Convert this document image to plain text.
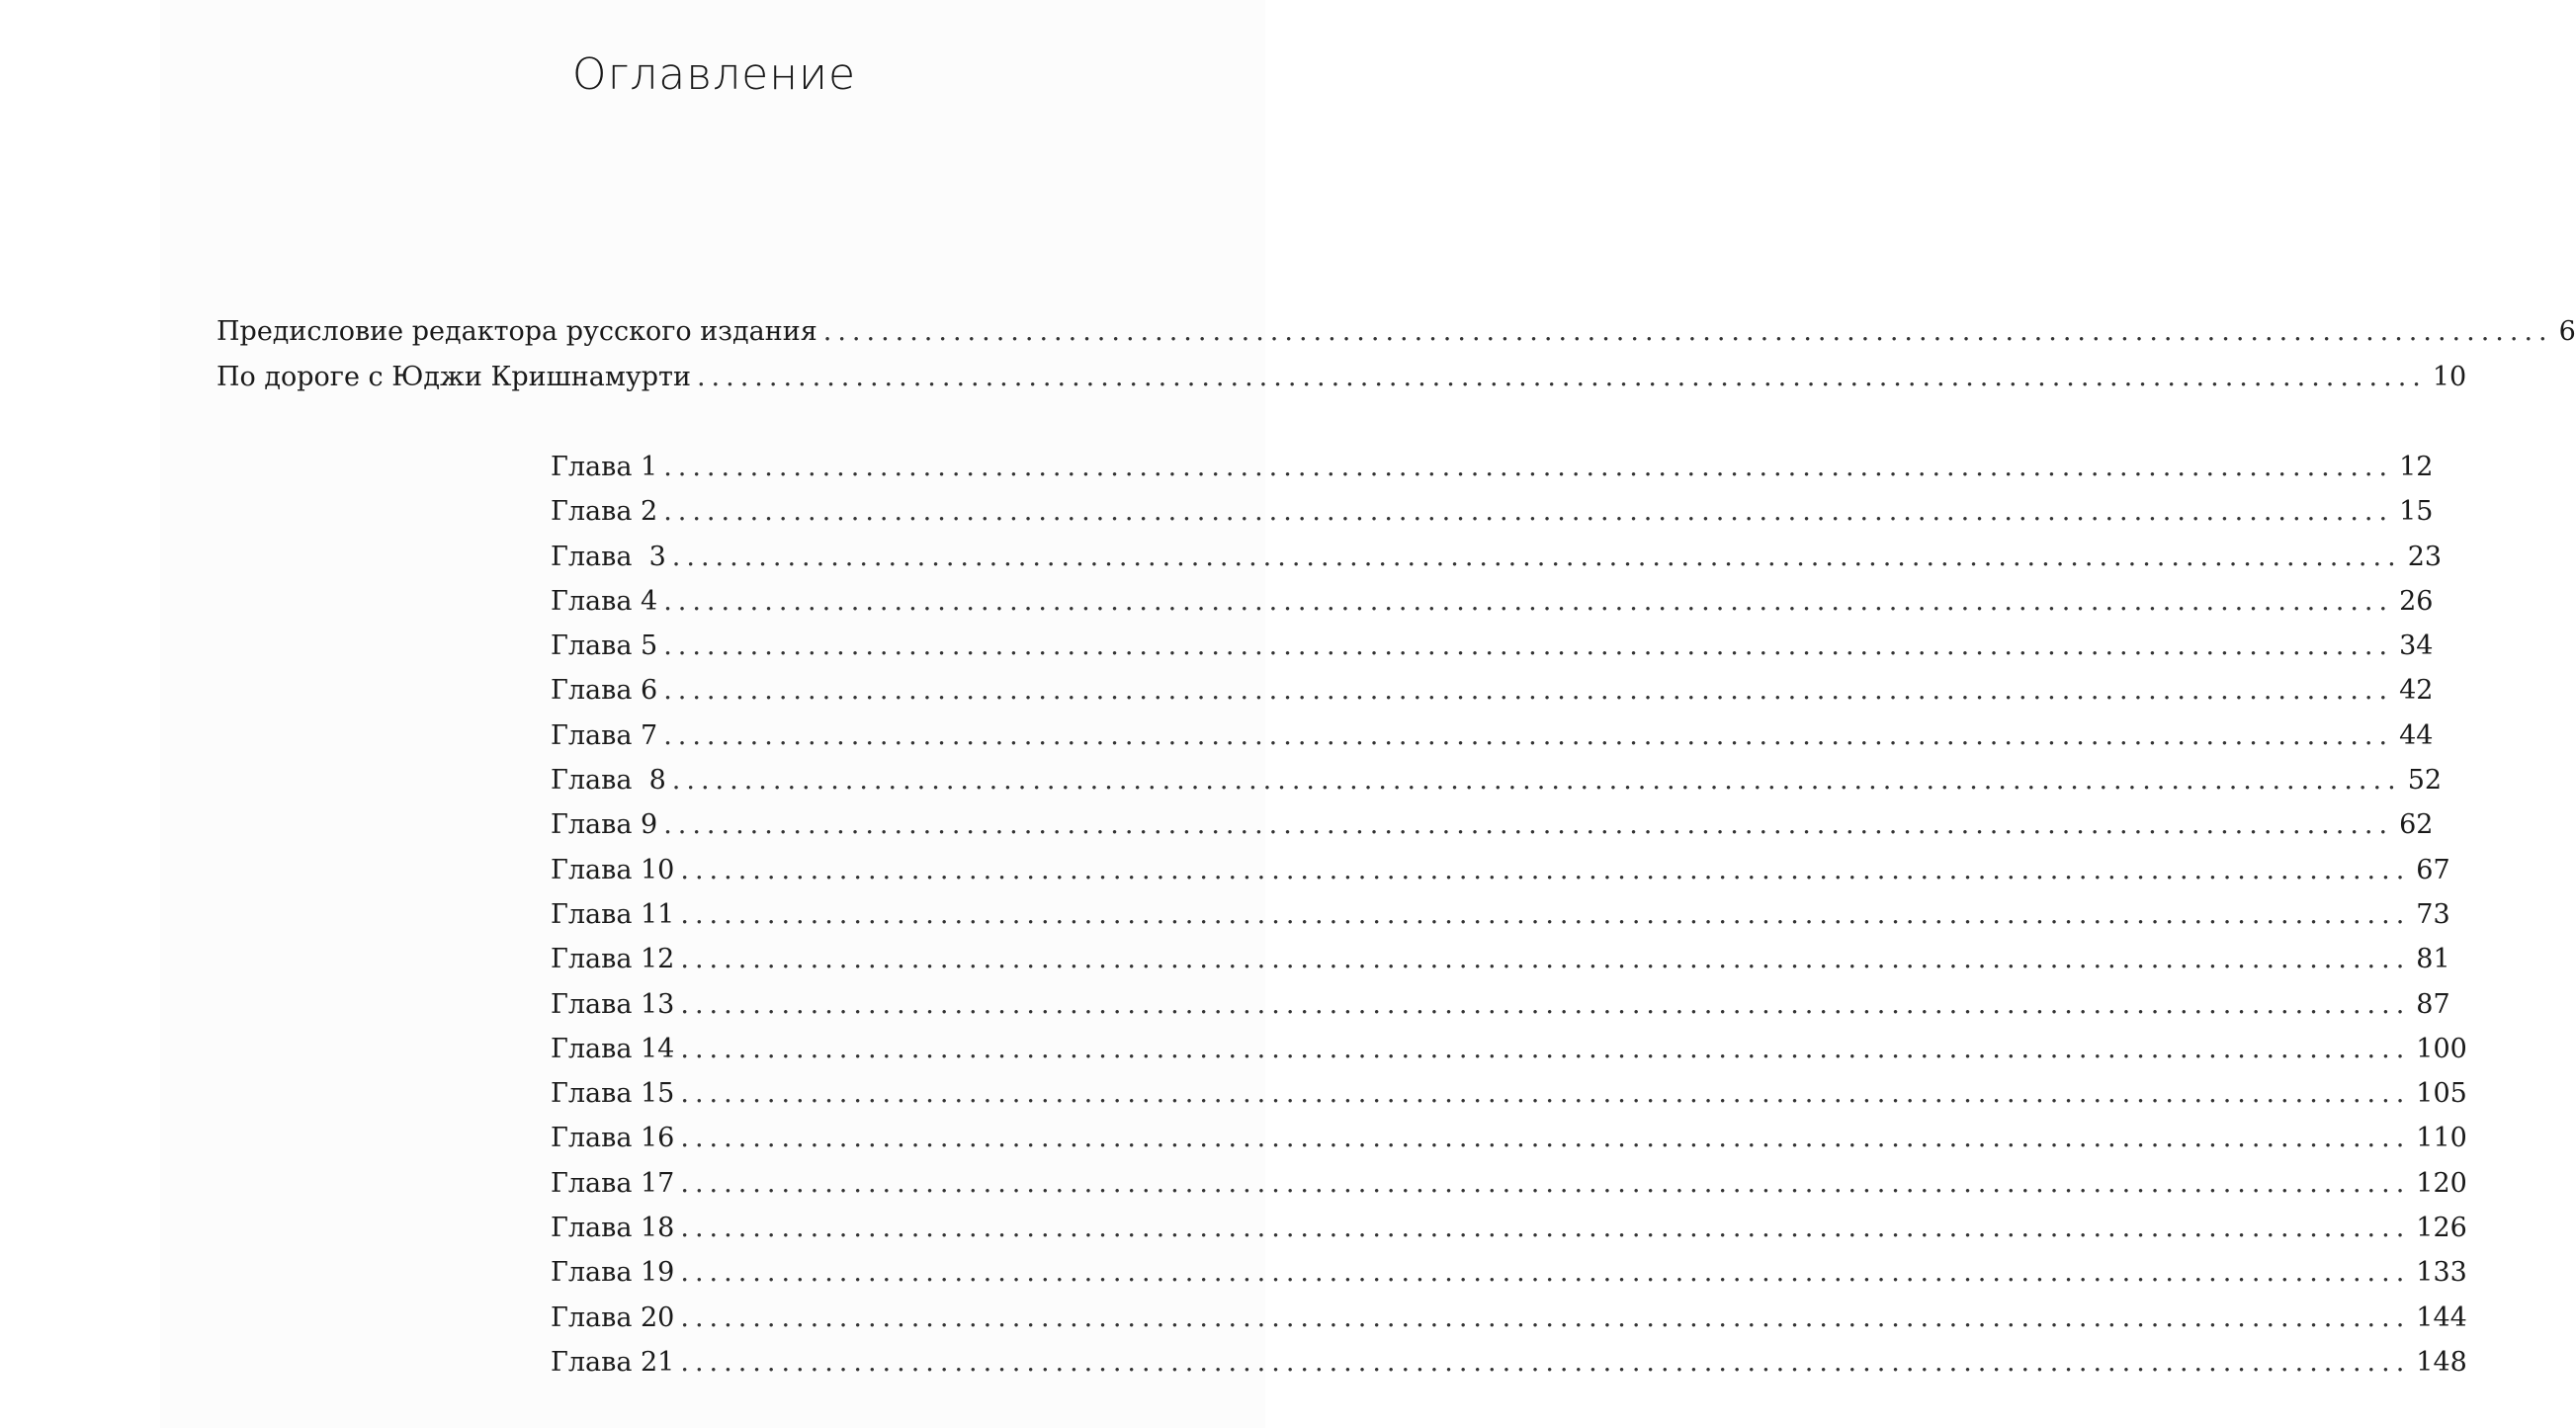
Оглавление
Предисловие редактора русского издания ........................................................................................................................ 6
По дороге с Юджи Кришнамурти ........................................................................................................................ 10
Глава 1 ........................................................................................................................ 12
Глава 2 ........................................................................................................................ 15
Глава  3 ........................................................................................................................ 23
Глава 4 ........................................................................................................................ 26
Глава 5 ........................................................................................................................ 34
Глава 6 ........................................................................................................................ 42
Глава 7 ........................................................................................................................ 44
Глава  8 ........................................................................................................................ 52
Глава 9 ........................................................................................................................ 62
Глава 10 ........................................................................................................................ 67
Глава 11 ........................................................................................................................ 73
Глава 12 ........................................................................................................................ 81
Глава 13 ........................................................................................................................ 87
Глава 14 ........................................................................................................................ 100
Глава 15 ........................................................................................................................ 105
Глава 16 ........................................................................................................................ 110
Глава 17 ........................................................................................................................ 120
Глава 18 ........................................................................................................................ 126
Глава 19 ........................................................................................................................ 133
Глава 20 ........................................................................................................................ 144
Глава 21 ........................................................................................................................ 148
